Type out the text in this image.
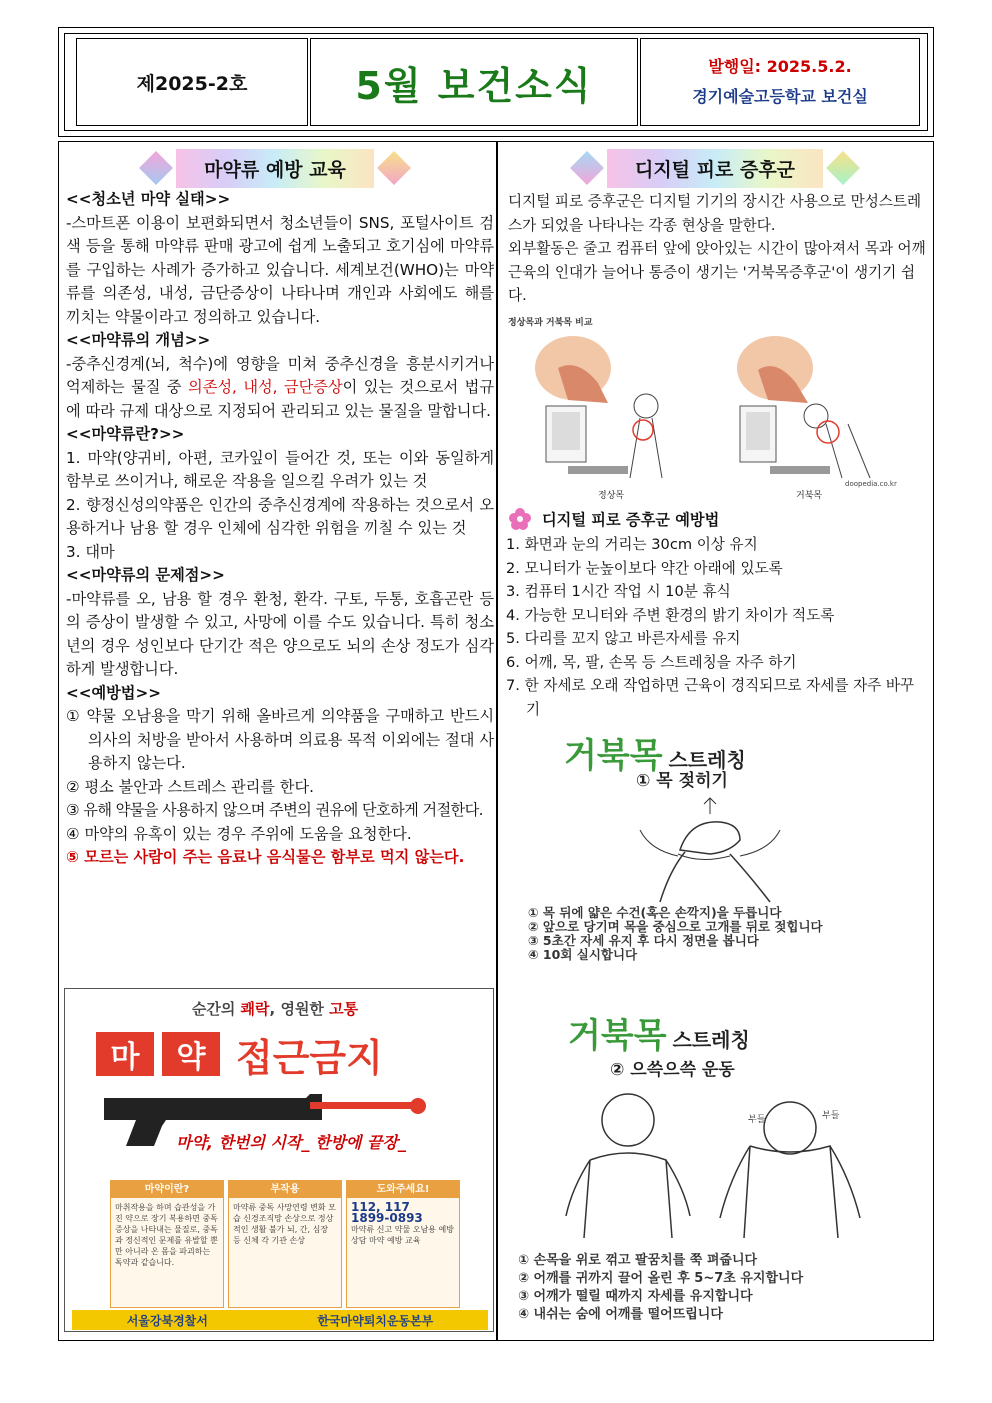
제2025-2호	5월 보건소식	발행일: 2025.5.2.
경기예술고등학교 보건실
마약류 예방 교육

<<청소년 마약 실태>>

-스마트폰 이용이 보편화되면서 청소년들이 SNS, 포털사이트 검색 등을 통해 마약류 판매 광고에 쉽게 노출되고 호기심에 마약류를 구입하는 사례가 증가하고 있습니다. 세계보건(WHO)는 마약류를 의존성, 내성, 금단증상이 나타나며 개인과 사회에도 해를 끼치는 약물이라고 정의하고 있습니다.

<<마약류의 개념>>

-중추신경계(뇌, 척수)에 영향을 미쳐 중추신경을 흥분시키거나 억제하는 물질 중 의존성, 내성, 금단증상이 있는 것으로서 법규에 따라 규제 대상으로 지정되어 관리되고 있는 물질을 말합니다.

<<마약류란?>>

1. 마약(양귀비, 아편, 코카잎이 들어간 것, 또는 이와 동일하게 함부로 쓰이거나, 해로운 작용을 일으킬 우려가 있는 것

2. 향정신성의약품은 인간의 중추신경계에 작용하는 것으로서 오용하거나 남용 할 경우 인체에 심각한 위험을 끼칠 수 있는 것

3. 대마

<<마약류의 문제점>>

-마약류를 오, 남용 할 경우 환청, 환각. 구토, 두통, 호흡곤란 등의 증상이 발생할 수 있고, 사망에 이를 수도 있습니다. 특히 청소년의 경우 성인보다 단기간 적은 양으로도 뇌의 손상 정도가 심각하게 발생합니다.

<<예방법>>

① 약물 오남용을 막기 위해 올바르게 의약품을 구매하고 반드시 의사의 처방을 받아서 사용하며 의료용 목적 이외에는 절대 사용하지 않는다.

② 평소 불안과 스트레스 관리를 한다.

③ 유해 약물을 사용하지 않으며 주변의 권유에 단호하게 거절한다.

④ 마약의 유혹이 있는 경우 주위에 도움을 요청한다.

⑤ 모르는 사람이 주는 음료나 음식물은 함부로 먹지 않는다.

순간의 쾌락, 영원한 고통
마	약 접근금지
마약, 한번의 시작_ 한방에 끝장_
마약이란?
마취작용을 하며 습관성을 가진 약으로 장기 복용하면 중독 증상을 나타내는 물질로, 중독과 정신적인 문제를 유발할 뿐만 아니라 온 몸을 파괴하는 독약과 같습니다.
부작용
마약류 중독 사망연령 변화 모습 신경조직망 손상으로 정상적인 생활 불가 뇌, 간, 심장 등 신체 각 기관 손상
도와주세요!
112, 117
1899-0893
마약류 신고 약물 오남용 예방 상담 마약 예방 교육
서울강북경찰서	한국마약퇴치운동본부
디지털 피로 증후군

디지털 피로 증후군은 디지털 기기의 장시간 사용으로 만성스트레스가 되었을 나타나는 각종 현상을 말한다.

외부활동은 줄고 컴퓨터 앞에 앉아있는 시간이 많아져서 목과 어깨 근육의 인대가 늘어나 통증이 생기는 '거북목증후군'이 생기기 쉽다.

정상목과 거북목 비교
정상목	거북목
doopedia.co.kr
디지털 피로 증후군 예방법
1. 화면과 눈의 거리는 30cm 이상 유지
2. 모니터가 눈높이보다 약간 아래에 있도록
3. 컴퓨터 1시간 작업 시 10분 휴식
4. 가능한 모니터와 주변 환경의 밝기 차이가 적도록
5. 다리를 꼬지 않고 바른자세를 유지
6. 어깨, 목, 팔, 손목 등 스트레칭을 자주 하기
7. 한 자세로 오래 작업하면 근육이 경직되므로 자세를 자주 바꾸기
거북목 스트레칭
① 목 젖히기
① 목 뒤에 얇은 수건(혹은 손깍지)을 두릅니다
② 앞으로 당기며 목을 중심으로 고개를 뒤로 젖힙니다
③ 5초간 자세 유지 후 다시 정면을 봅니다
④ 10회 실시합니다
거북목 스트레칭
② 으쓱으쓱 운동
부들	부들
① 손목을 위로 꺾고 팔꿈치를 쭉 펴줍니다
② 어깨를 귀까지 끌어 올린 후 5~7초 유지합니다
③ 어깨가 떨릴 때까지 자세를 유지합니다
④ 내쉬는 숨에 어깨를 떨어뜨립니다
